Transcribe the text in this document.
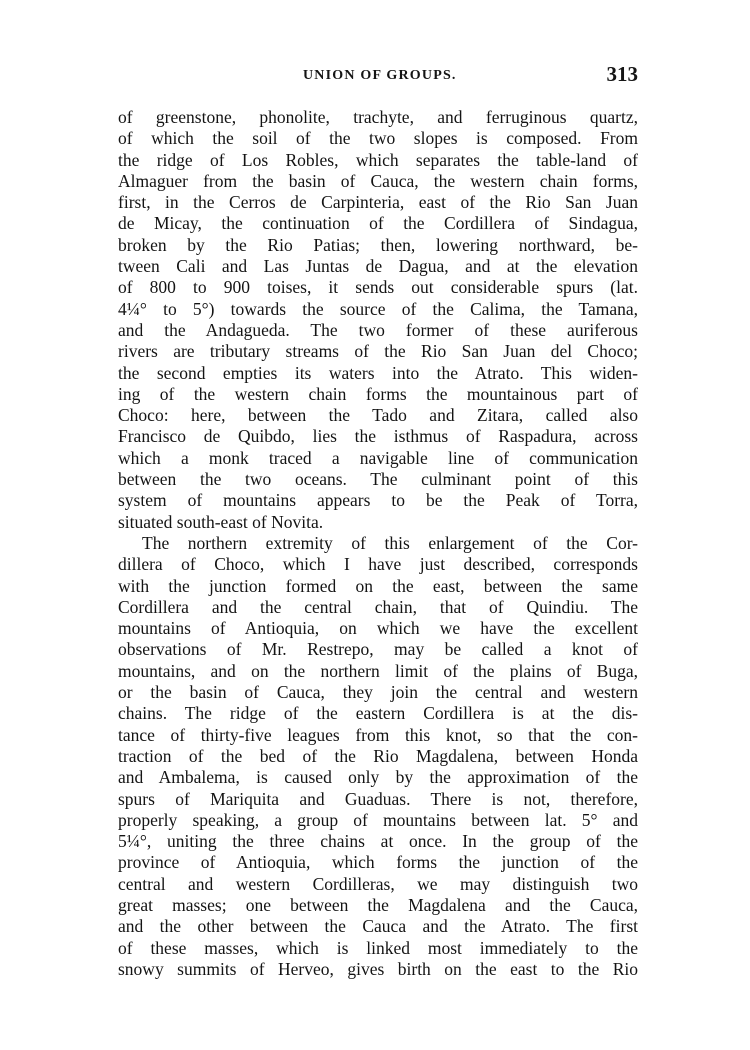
UNION OF GROUPS.	313
of greenstone, phonolite, trachyte, and ferruginous quartz,
of which the soil of the two slopes is composed. From
the ridge of Los Robles, which separates the table-land of
Almaguer from the basin of Cauca, the western chain forms,
first, in the Cerros de Carpinteria, east of the Rio San Juan
de Micay, the continuation of the Cordillera of Sindagua,
broken by the Rio Patias; then, lowering northward, be-
tween Cali and Las Juntas de Dagua, and at the elevation
of 800 to 900 toises, it sends out considerable spurs (lat.
4¼° to 5°) towards the source of the Calima, the Tamana,
and the Andagueda. The two former of these auriferous
rivers are tributary streams of the Rio San Juan del Choco;
the second empties its waters into the Atrato. This widen-
ing of the western chain forms the mountainous part of
Choco: here, between the Tado and Zitara, called also
Francisco de Quibdo, lies the isthmus of Raspadura, across
which a monk traced a navigable line of communication
between the two oceans. The culminant point of this
system of mountains appears to be the Peak of Torra,
situated south-east of Novita.
The northern extremity of this enlargement of the Cor-
dillera of Choco, which I have just described, corresponds
with the junction formed on the east, between the same
Cordillera and the central chain, that of Quindiu. The
mountains of Antioquia, on which we have the excellent
observations of Mr. Restrepo, may be called a knot of
mountains, and on the northern limit of the plains of Buga,
or the basin of Cauca, they join the central and western
chains. The ridge of the eastern Cordillera is at the dis-
tance of thirty-five leagues from this knot, so that the con-
traction of the bed of the Rio Magdalena, between Honda
and Ambalema, is caused only by the approximation of the
spurs of Mariquita and Guaduas. There is not, therefore,
properly speaking, a group of mountains between lat. 5° and
5¼°, uniting the three chains at once. In the group of the
province of Antioquia, which forms the junction of the
central and western Cordilleras, we may distinguish two
great masses; one between the Magdalena and the Cauca,
and the other between the Cauca and the Atrato. The first
of these masses, which is linked most immediately to the
snowy summits of Herveo, gives birth on the east to the Rio
